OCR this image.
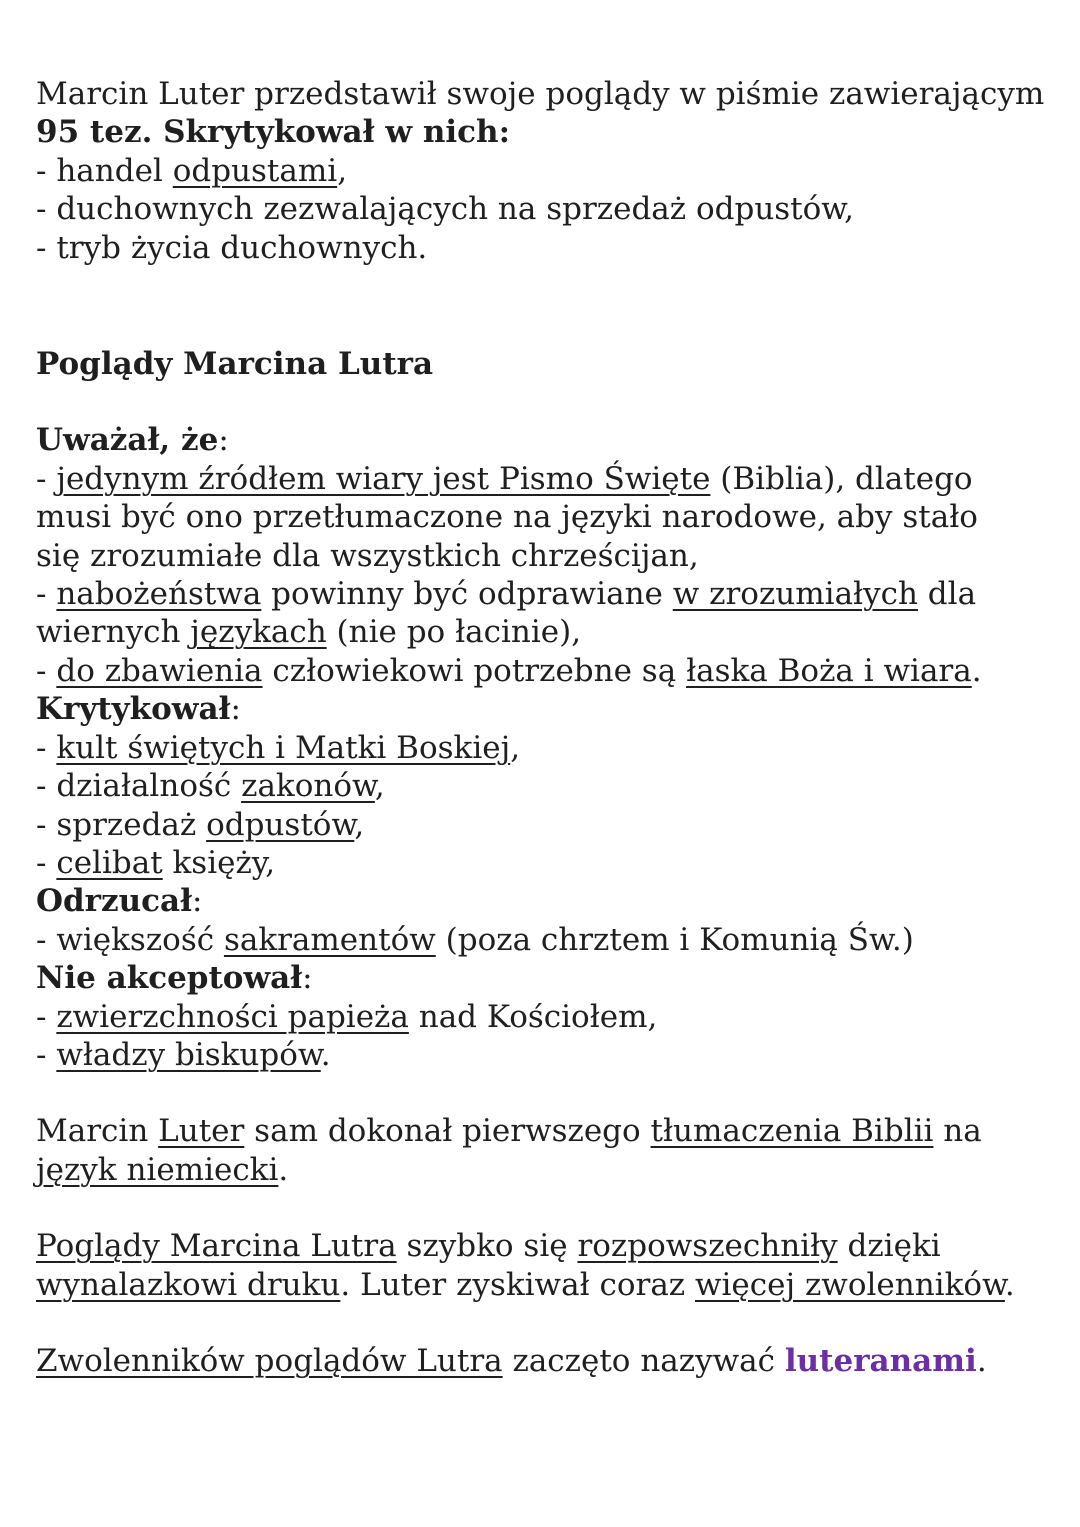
Marcin Luter przedstawił swoje poglądy w piśmie zawierającym

95 tez. Skrytykował w nich:

- handel odpustami,

- duchownych zezwalających na sprzedaż odpustów,

- tryb życia duchownych.

Poglądy Marcina Lutra

Uważał, że:

- jedynym źródłem wiary jest Pismo Święte (Biblia), dlatego

musi być ono przetłumaczone na języki narodowe, aby stało

się zrozumiałe dla wszystkich chrześcijan,

- nabożeństwa powinny być odprawiane w zrozumiałych dla

wiernych językach (nie po łacinie),

- do zbawienia człowiekowi potrzebne są łaska Boża i wiara.

Krytykował:

- kult świętych i Matki Boskiej,

- działalność zakonów,

- sprzedaż odpustów,

- celibat księży,

Odrzucał:

- większość sakramentów (poza chrztem i Komunią Św.)

Nie akceptował:

- zwierzchności papieża nad Kościołem,

- władzy biskupów.

Marcin Luter sam dokonał pierwszego tłumaczenia Biblii na

język niemiecki.

Poglądy Marcina Lutra szybko się rozpowszechniły dzięki

wynalazkowi druku. Luter zyskiwał coraz więcej zwolenników.

Zwolenników poglądów Lutra zaczęto nazywać luteranami.
